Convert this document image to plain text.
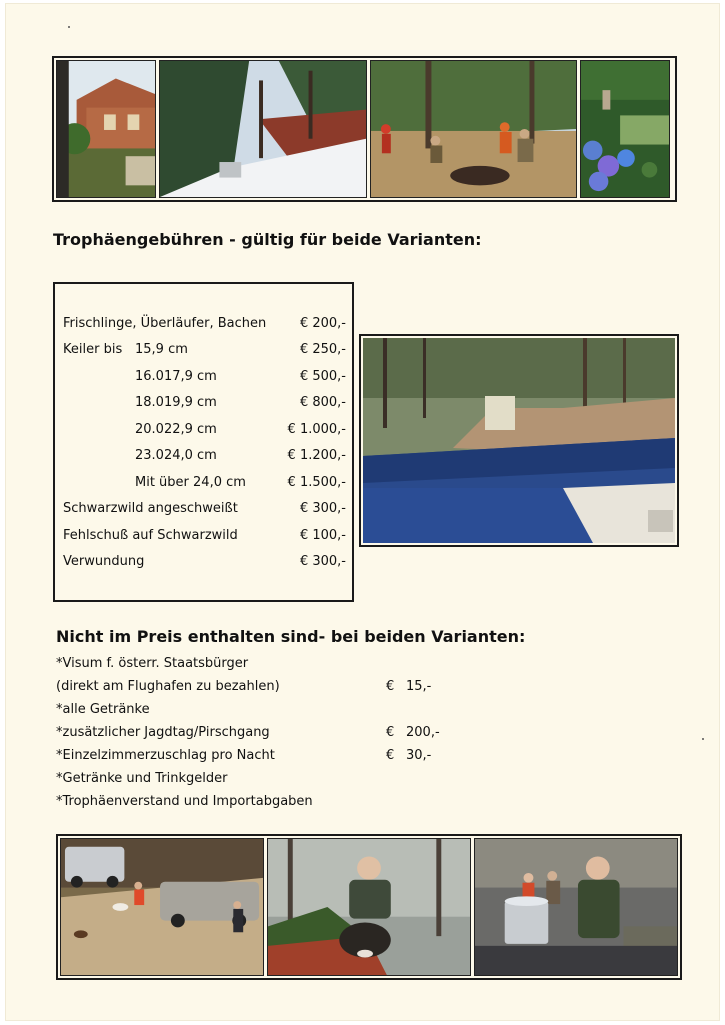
Trophäengebühren - gültig für beide Varianten:
Frischlinge, Überläufer, Bachen	€ 200,-
Keiler bis 15,9 cm	€ 250,-
16.017,9 cm	€ 500,-
18.019,9 cm	€ 800,-
20.022,9 cm	€ 1.000,-
23.024,0 cm	€ 1.200,-
Mit über 24,0 cm	€ 1.500,-
Schwarzwild angeschweißt	€ 300,-
Fehlschuß auf Schwarzwild	€ 100,-
Verwundung	€ 300,-
Nicht im Preis enthalten sind- bei beiden Varianten:
*Visum f. österr. Staatsbürger
(direkt am Flughafen zu bezahlen)	€ 15,-
*alle Getränke
*zusätzlicher Jagdtag/Pirschgang	€ 200,-
*Einzelzimmerzuschlag pro Nacht	€ 30,-
*Getränke und Trinkgelder
*Trophäenverstand und Importabgaben
